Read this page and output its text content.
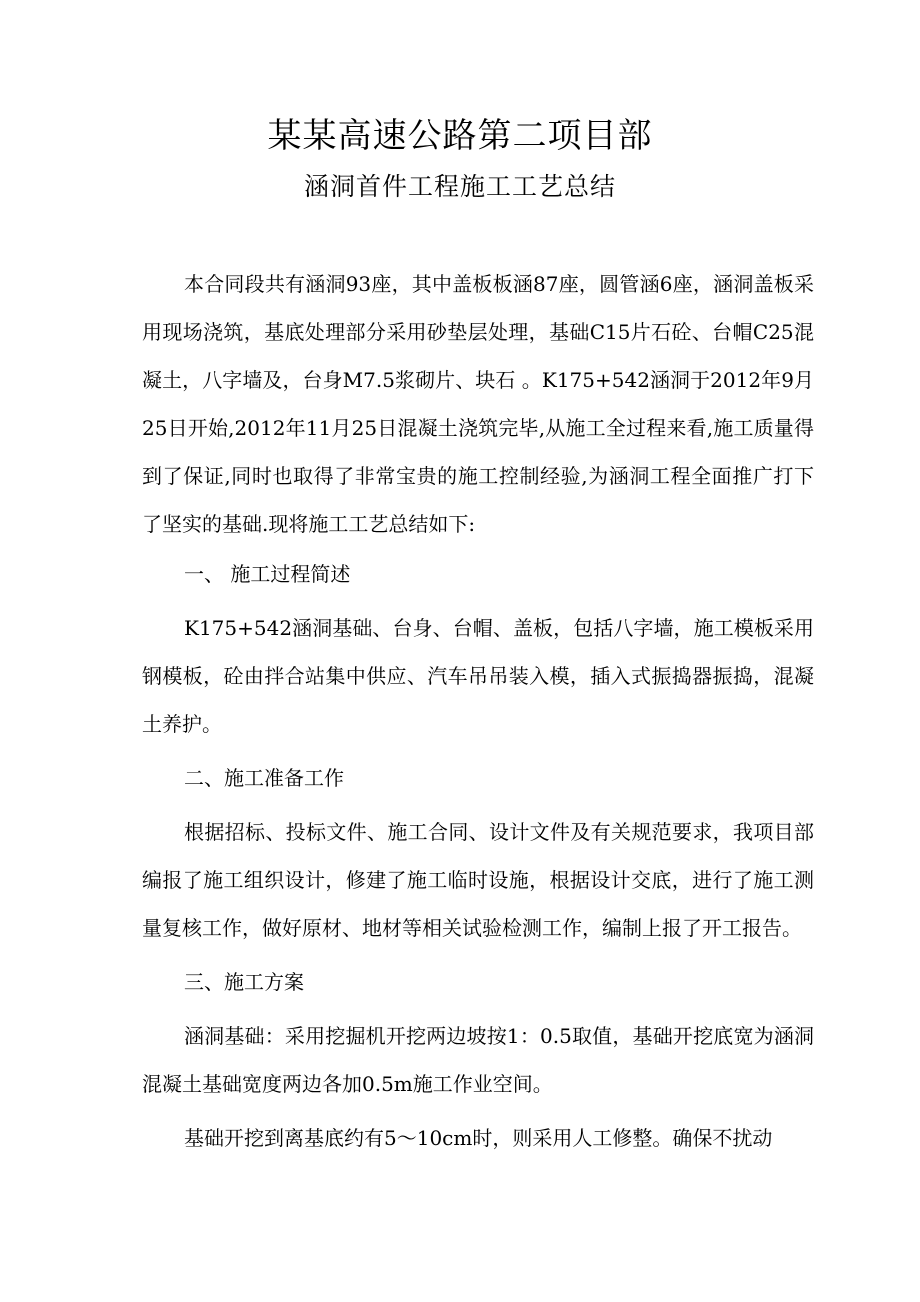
某某高速公路第二项目部
涵洞首件工程施工工艺总结

本合同段共有涵洞93座，其中盖板板涵87座，圆管涵6座，涵洞盖板采用现场浇筑，基底处理部分采用砂垫层处理，基础C15片石砼、台帽C25混凝土，八字墙及，台身M7.5浆砌片、块石 。K175+542涵洞于2012年9月25日开始,2012年11月25日混凝土浇筑完毕,从施工全过程来看,施工质量得到了保证,同时也取得了非常宝贵的施工控制经验,为涵洞工程全面推广打下了坚实的基础.现将施工工艺总结如下:

一、 施工过程简述

K175+542涵洞基础、台身、台帽、盖板，包括八字墙，施工模板采用钢模板，砼由拌合站集中供应、汽车吊吊装入模，插入式振捣器振捣，混凝土养护。

二、施工准备工作

根据招标、投标文件、施工合同、设计文件及有关规范要求，我项目部编报了施工组织设计，修建了施工临时设施，根据设计交底，进行了施工测量复核工作，做好原材、地材等相关试验检测工作，编制上报了开工报告。

三、施工方案

涵洞基础：采用挖掘机开挖两边坡按1：0.5取值，基础开挖底宽为涵洞混凝土基础宽度两边各加0.5m施工作业空间。

基础开挖到离基底约有5～10cm时，则采用人工修整。确保不扰动
